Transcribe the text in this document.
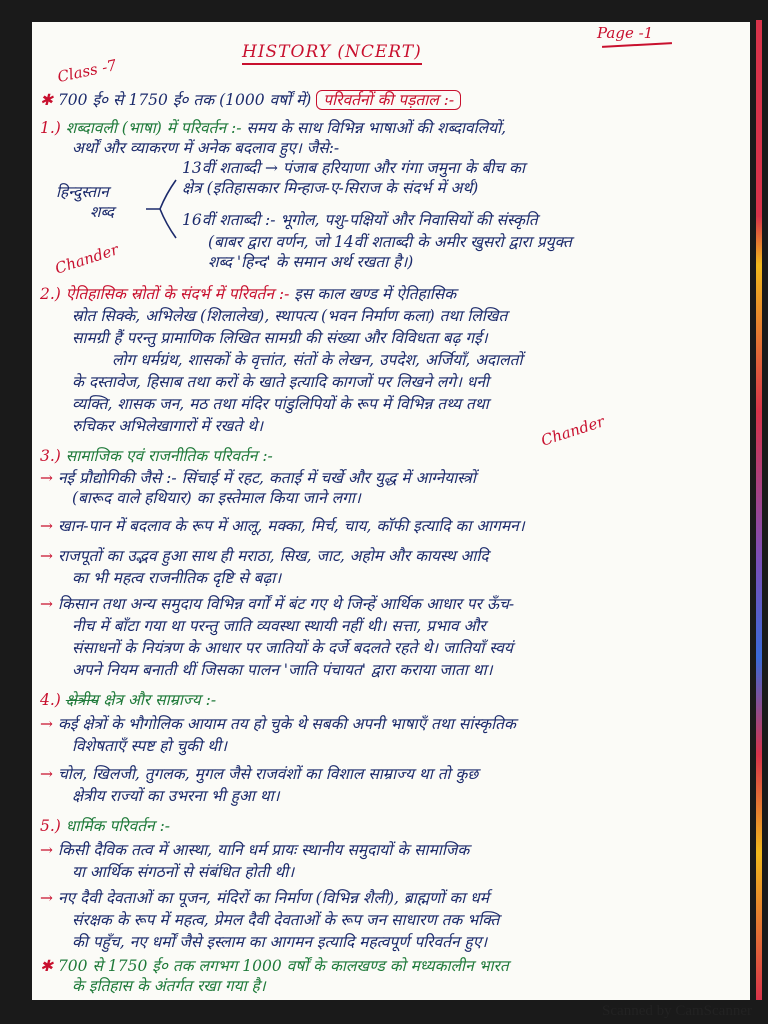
Page -1
HISTORY (NCERT)
Class -7
✱ 700 ई० से 1750 ई० तक (1000 वर्षों में) परिवर्तनों की पड़ताल :-
1.) शब्दावली (भाषा) में परिवर्तन :- समय के साथ विभिन्न भाषाओं की शब्दावलियों,
अर्थों और व्याकरण में अनेक बदलाव हुए। जैसे:-
हिन्दुस्तान
शब्द
13वीं शताब्दी → पंजाब हरियाणा और गंगा जमुना के बीच का
क्षेत्र (इतिहासकार मिन्हाज-ए-सिराज के संदर्भ में अर्थ)
16वीं शताब्दी :- भूगोल, पशु-पक्षियों और निवासियों की संस्कृति
(बाबर द्वारा वर्णन, जो 14वीं शताब्दी के अमीर खुसरो द्वारा प्रयुक्त
शब्द 'हिन्द' के समान अर्थ रखता है।)
Chander
2.) ऐतिहासिक स्रोतों के संदर्भ में परिवर्तन :- इस काल खण्ड में ऐतिहासिक
स्रोत सिक्के, अभिलेख (शिलालेख), स्थापत्य (भवन निर्माण कला) तथा लिखित
सामग्री हैं परन्तु प्रामाणिक लिखित सामग्री की संख्या और विविधता बढ़ गई।
लोग धर्मग्रंथ, शासकों के वृत्तांत, संतों के लेखन, उपदेश, अर्जियाँ, अदालतों
के दस्तावेज, हिसाब तथा करों के खाते इत्यादि कागजों पर लिखने लगे। धनी
व्यक्ति, शासक जन, मठ तथा मंदिर पांडुलिपियों के रूप में विभिन्न तथ्य तथा
रुचिकर अभिलेखागारों में रखते थे।	Chander
3.) सामाजिक एवं राजनीतिक परिवर्तन :-
→ नई प्रौद्योगिकी जैसे :- सिंचाई में रहट, कताई में चर्खे और युद्ध में आग्नेयास्त्रों
(बारूद वाले हथियार) का इस्तेमाल किया जाने लगा।
→ खान-पान में बदलाव के रूप में आलू, मक्का, मिर्च, चाय, कॉफी इत्यादि का आगमन।
→ राजपूतों का उद्भव हुआ साथ ही मराठा, सिख, जाट, अहोम और कायस्थ आदि
का भी महत्व राजनीतिक दृष्टि से बढ़ा।
→ किसान तथा अन्य समुदाय विभिन्न वर्गों में बंट गए थे जिन्हें आर्थिक आधार पर ऊँच-
नीच में बाँटा गया था परन्तु जाति व्यवस्था स्थायी नहीं थी। सत्ता, प्रभाव और
संसाधनों के नियंत्रण के आधार पर जातियों के दर्जे बदलते रहते थे। जातियाँ स्वयं
अपने नियम बनाती थीं जिसका पालन 'जाति पंचायत' द्वारा कराया जाता था।
4.) क्षेत्रीय क्षेत्र और साम्राज्य :-
→ कई क्षेत्रों के भौगोलिक आयाम तय हो चुके थे सबकी अपनी भाषाएँ तथा सांस्कृतिक
विशेषताएँ स्पष्ट हो चुकी थी।
→ चोल, खिलजी, तुगलक, मुगल जैसे राजवंशों का विशाल साम्राज्य था तो कुछ
क्षेत्रीय राज्यों का उभरना भी हुआ था।
5.) धार्मिक परिवर्तन :-
→ किसी दैविक तत्व में आस्था, यानि धर्म प्रायः स्थानीय समुदायों के सामाजिक
या आर्थिक संगठनों से संबंधित होती थी।
→ नए दैवी देवताओं का पूजन, मंदिरों का निर्माण (विभिन्न शैली), ब्राह्मणों का धर्म
संरक्षक के रूप में महत्व, प्रेमल दैवी देवताओं के रूप जन साधारण तक भक्ति
की पहुँच, नए धर्मों जैसे इस्लाम का आगमन इत्यादि महत्वपूर्ण परिवर्तन हुए।
✱ 700 से 1750 ई० तक लगभग 1000 वर्षों के कालखण्ड को मध्यकालीन भारत
के इतिहास के अंतर्गत रखा गया है।
Scanned by CamScanner
